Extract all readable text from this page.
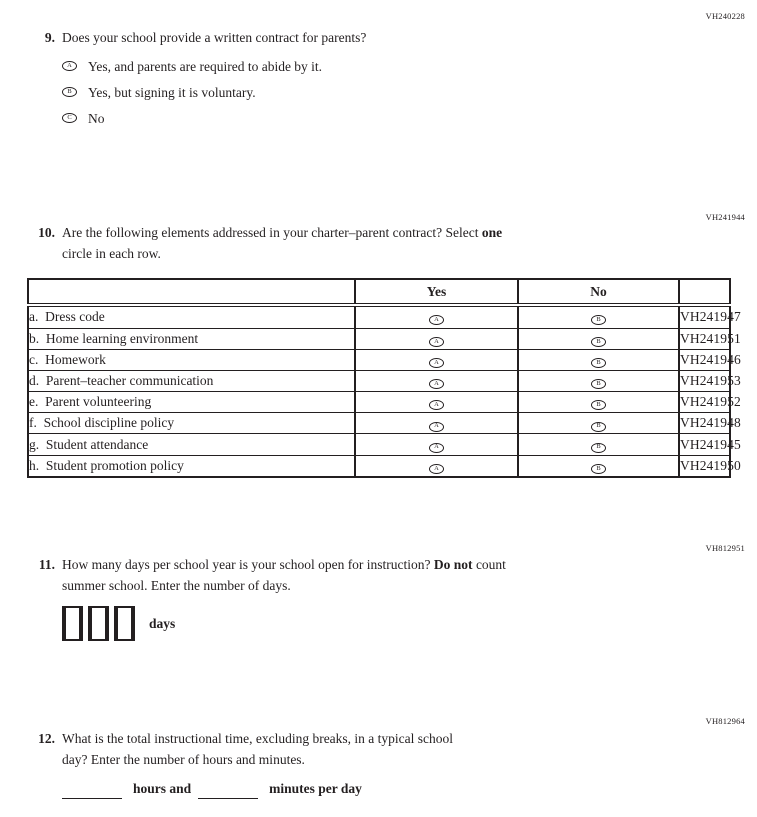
VH240228
9. Does your school provide a written contract for parents?
A	Yes, and parents are required to abide by it.
B	Yes, but signing it is voluntary.
C	No
VH241944
10. Are the following elements addressed in your charter–parent contract? Select one
circle in each row.
	Yes	No	
a.  Dress code	A	B	VH241947
b.  Home learning environment	A	B	VH241951
c.  Homework	A	B	VH241946
d.  Parent–teacher communication	A	B	VH241953
e.  Parent volunteering	A	B	VH241952
f.  School discipline policy	A	B	VH241948
g.  Student attendance	A	B	VH241945
h.  Student promotion policy	A	B	VH241950
VH812951
11. How many days per school year is your school open for instruction? Do not count
summer school. Enter the number of days.
days
VH812964
12. What is the total instructional time, excluding breaks, in a typical school
day? Enter the number of hours and minutes.
hours and	minutes per day
